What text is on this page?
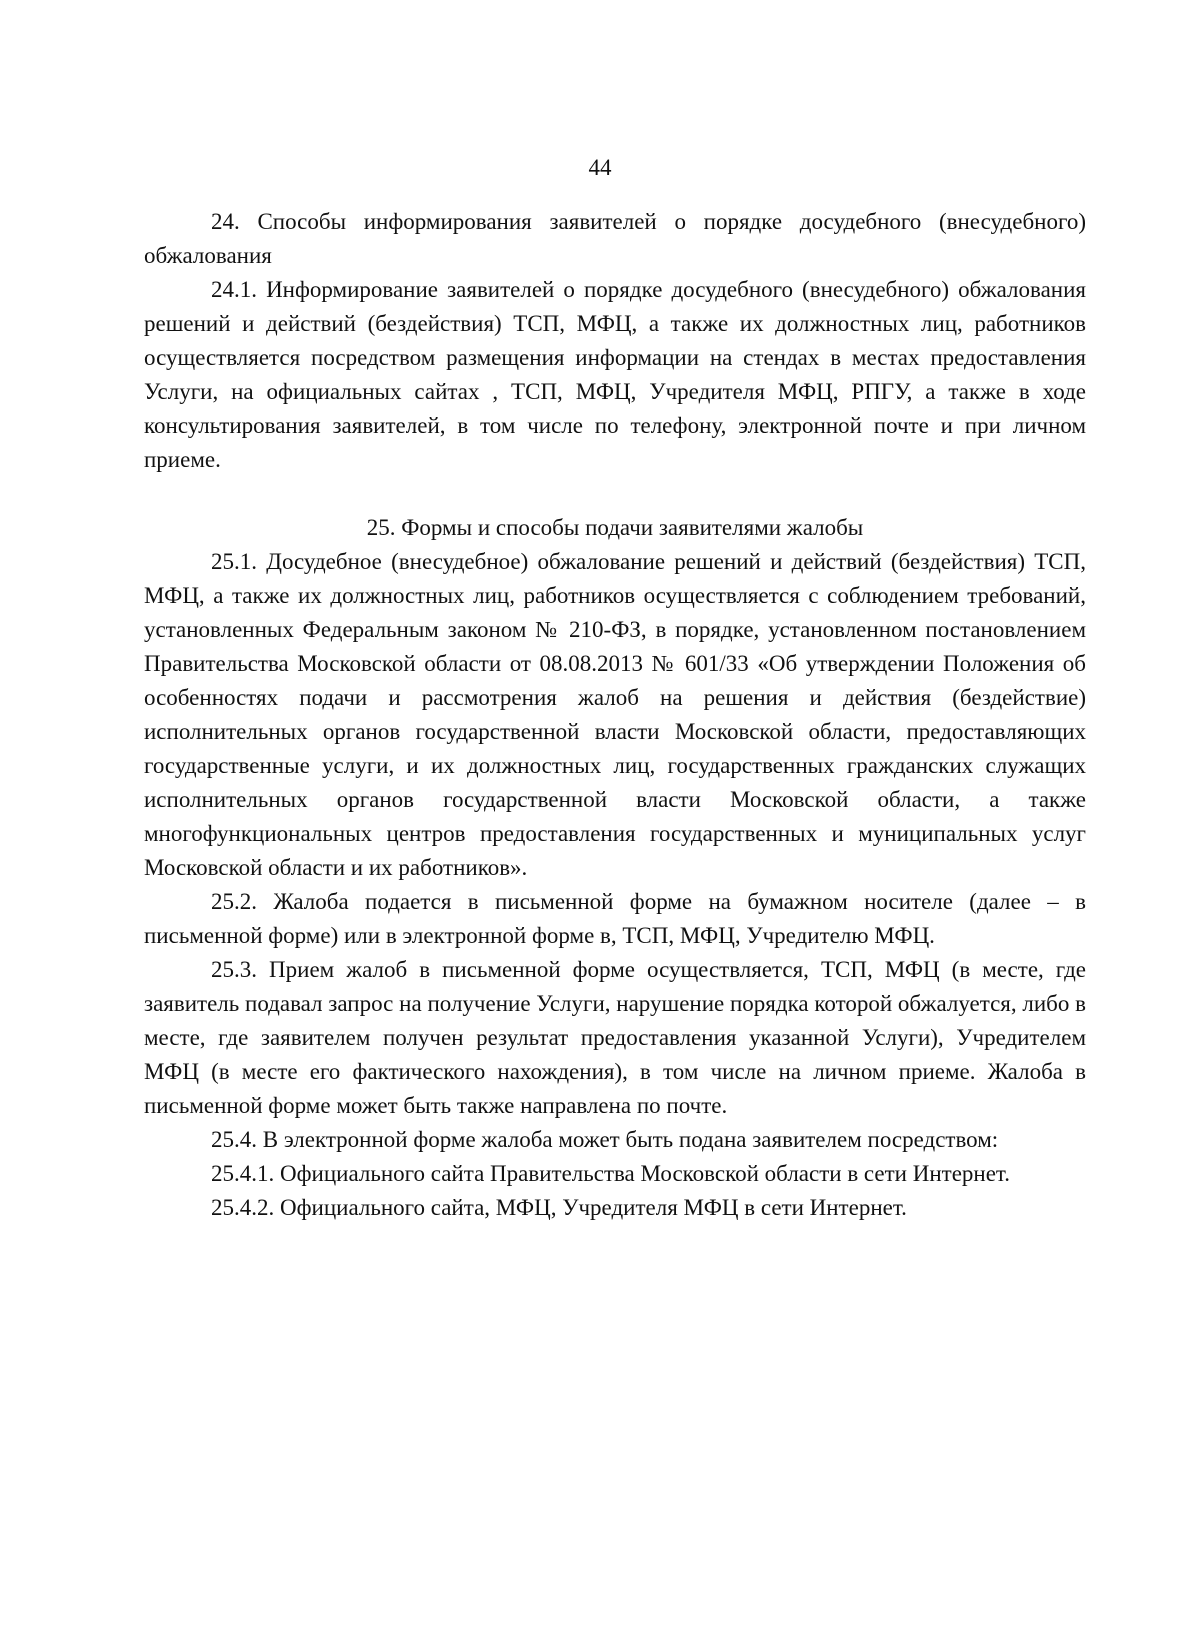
44

24. Способы информирования заявителей о порядке досудебного (внесудебного) обжалования

24.1. Информирование заявителей о порядке досудебного (внесудебного) обжалования решений и действий (бездействия) ТСП, МФЦ, а также их должностных лиц, работников осуществляется посредством размещения информации на стендах в местах предоставления Услуги, на официальных сайтах , ТСП, МФЦ, Учредителя МФЦ, РПГУ, а также в ходе консультирования заявителей, в том числе по телефону, электронной почте и при личном приеме.

25. Формы и способы подачи заявителями жалобы

25.1. Досудебное (внесудебное) обжалование решений и действий (бездействия) ТСП, МФЦ, а также их должностных лиц, работников осуществляется с соблюдением требований, установленных Федеральным законом № 210-ФЗ, в порядке, установленном постановлением Правительства Московской области от 08.08.2013 № 601/33 «Об утверждении Положения об особенностях подачи и рассмотрения жалоб на решения и действия (бездействие) исполнительных органов государственной власти Московской области, предоставляющих государственные услуги, и их должностных лиц, государственных гражданских служащих исполнительных органов государственной власти Московской области, а также многофункциональных центров предоставления государственных и муниципальных услуг Московской области и их работников».

25.2. Жалоба подается в письменной форме на бумажном носителе (далее – в письменной форме) или в электронной форме в, ТСП, МФЦ, Учредителю МФЦ.

25.3. Прием жалоб в письменной форме осуществляется, ТСП, МФЦ (в месте, где заявитель подавал запрос на получение Услуги, нарушение порядка которой обжалуется, либо в месте, где заявителем получен результат предоставления указанной Услуги), Учредителем МФЦ (в месте его фактического нахождения), в том числе на личном приеме. Жалоба в письменной форме может быть также направлена по почте.

25.4. В электронной форме жалоба может быть подана заявителем посредством:

25.4.1. Официального сайта Правительства Московской области в сети Интернет.

25.4.2. Официального сайта, МФЦ, Учредителя МФЦ в сети Интернет.
